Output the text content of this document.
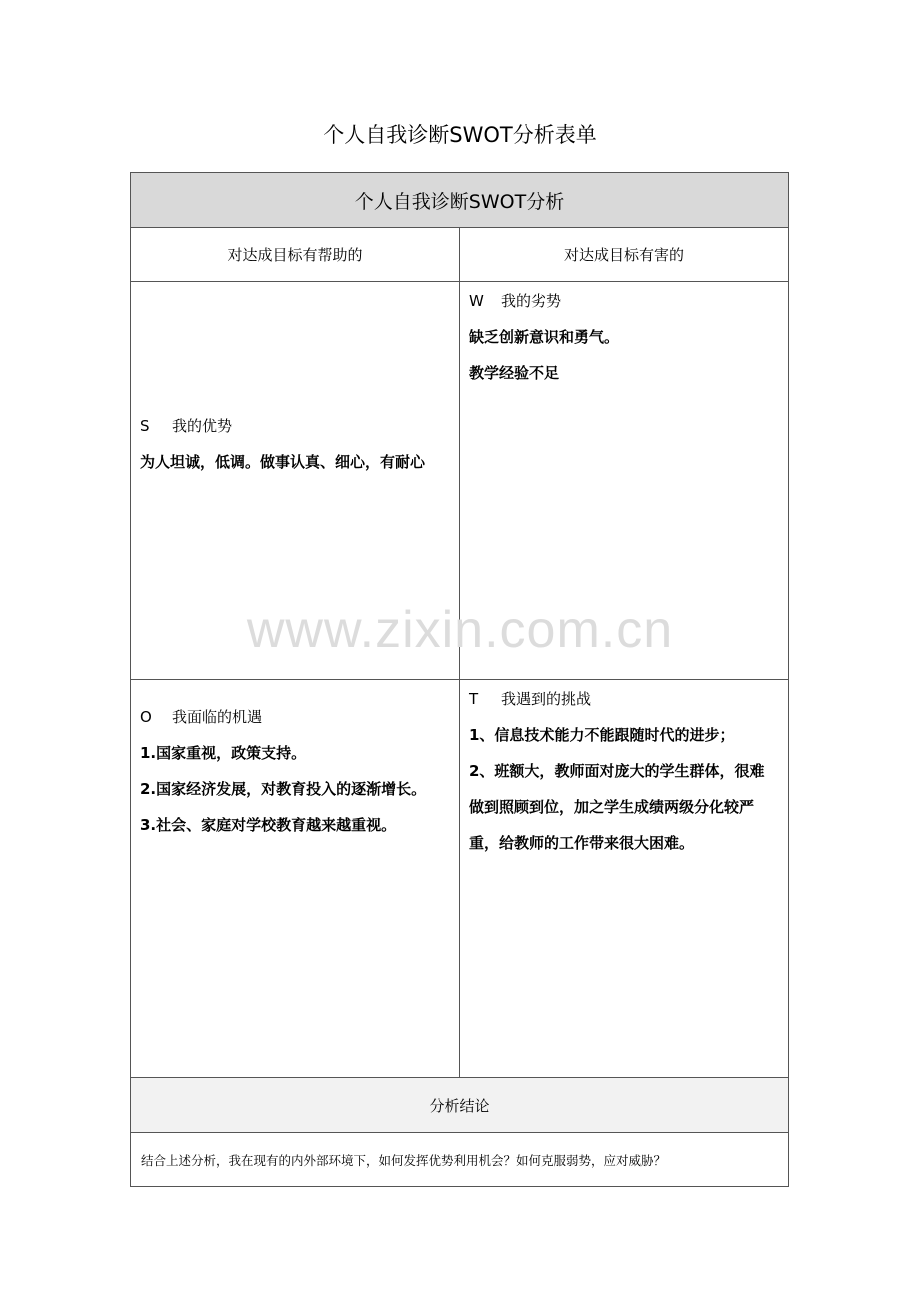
个人自我诊断SWOT分析表单
个人自我诊断SWOT分析
对达成目标有帮助的	对达成目标有害的
S 我的优势
为人坦诚，低调。做事认真、细心，有耐心
W 我的劣势
缺乏创新意识和勇气。
教学经验不足
O 我面临的机遇
1.国家重视，政策支持。
2.国家经济发展，对教育投入的逐渐增长。
3.社会、家庭对学校教育越来越重视。
T 我遇到的挑战
1、信息技术能力不能跟随时代的进步；
2、班额大，教师面对庞大的学生群体，很难
做到照顾到位，加之学生成绩两级分化较严
重，给教师的工作带来很大困难。
分析结论
结合上述分析，我在现有的内外部环境下，如何发挥优势利用机会？如何克服弱势，应对威胁？
www.zixin.com.cn
